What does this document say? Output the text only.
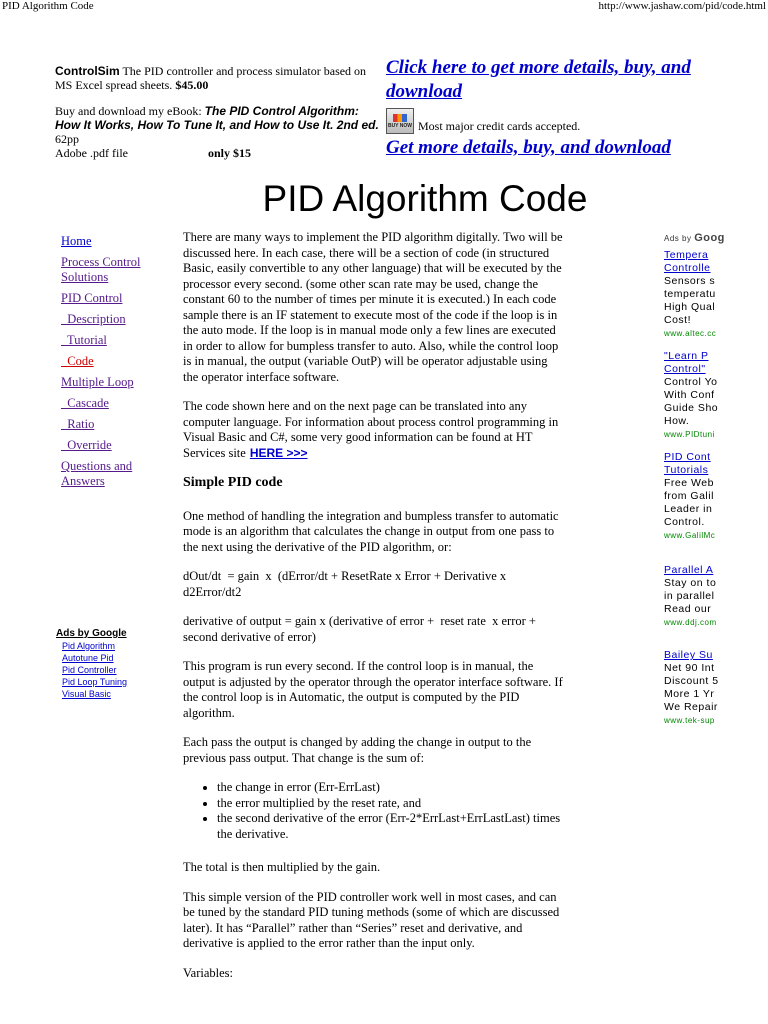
PID Algorithm Code	http://www.jashaw.com/pid/code.html
ControlSim The PID controller and process simulator based on MS Excel spread sheets. $45.00
Buy and download my eBook: The PID Control Algorithm: How It Works, How To Tune It, and How to Use It. 2nd ed. 62pp
Adobe .pdf file	only $15
Click here to get more details, buy, and download
BUY NOW Most major credit cards accepted.
Get more details, buy, and download
PID Algorithm Code
Home
Process Control Solutions
PID Control
Description
Tutorial
Code
Multiple Loop
Cascade
Ratio
Override
Questions and Answers
Ads by Google
Pid Algorithm
Autotune Pid
Pid Controller
Pid Loop Tuning
Visual Basic

There are many ways to implement the PID algorithm digitally. Two will be discussed here. In each case, there will be a section of code (in structured Basic, easily convertible to any other language) that will be executed by the processor every second. (some other scan rate may be used, change the constant 60 to the number of times per minute it is executed.) In each code sample there is an IF statement to execute most of the code if the loop is in the auto mode. If the loop is in manual mode only a few lines are executed in order to allow for bumpless transfer to auto. Also, while the control loop is in manual, the output (variable OutP) will be operator adjustable using the operator interface software.

The code shown here and on the next page can be translated into any computer language. For information about process control programming in Visual Basic and C#, some very good information can be found at HT Services site HERE >>>

Simple PID code

One method of handling the integration and bumpless transfer to automatic mode is an algorithm that calculates the change in output from one pass to the next using the derivative of the PID algorithm, or:

dOut/dt  = gain  x  (dError/dt + ResetRate x Error + Derivative x d2Error/dt2

derivative of output = gain x (derivative of error +  reset rate  x error + second derivative of error)

This program is run every second. If the control loop is in manual, the output is adjusted by the operator through the operator interface software. If the control loop is in Automatic, the output is computed by the PID algorithm.

Each pass the output is changed by adding the change in output to the previous pass output. That change is the sum of:

• the change in error (Err-ErrLast)
• the error multiplied by the reset rate, and
• the second derivative of the error (Err-2*ErrLast+ErrLastLast) times the derivative.

The total is then multiplied by the gain.

This simple version of the PID controller work well in most cases, and can be tuned by the standard PID tuning methods (some of which are discussed later). It has “Parallel” rather than “Series” reset and derivative, and derivative is applied to the error rather than the input only.

Variables:

Ads by Goog
Tempera Controlle
Sensors s
temperatu
High Qual
Cost!
www.altec.cc
"Learn P Control"
Control Yo
With Conf
Guide Sho
How.
www.PIDtuni
PID Cont Tutorials
Free Web
from Galil
Leader in
Control.
www.GalilMc
Parallel A
Stay on to
in parallel
Read our
www.ddj.com
Bailey Su
Net 90 Int
Discount 5
More 1 Yr
We Repair
www.tek-sup
